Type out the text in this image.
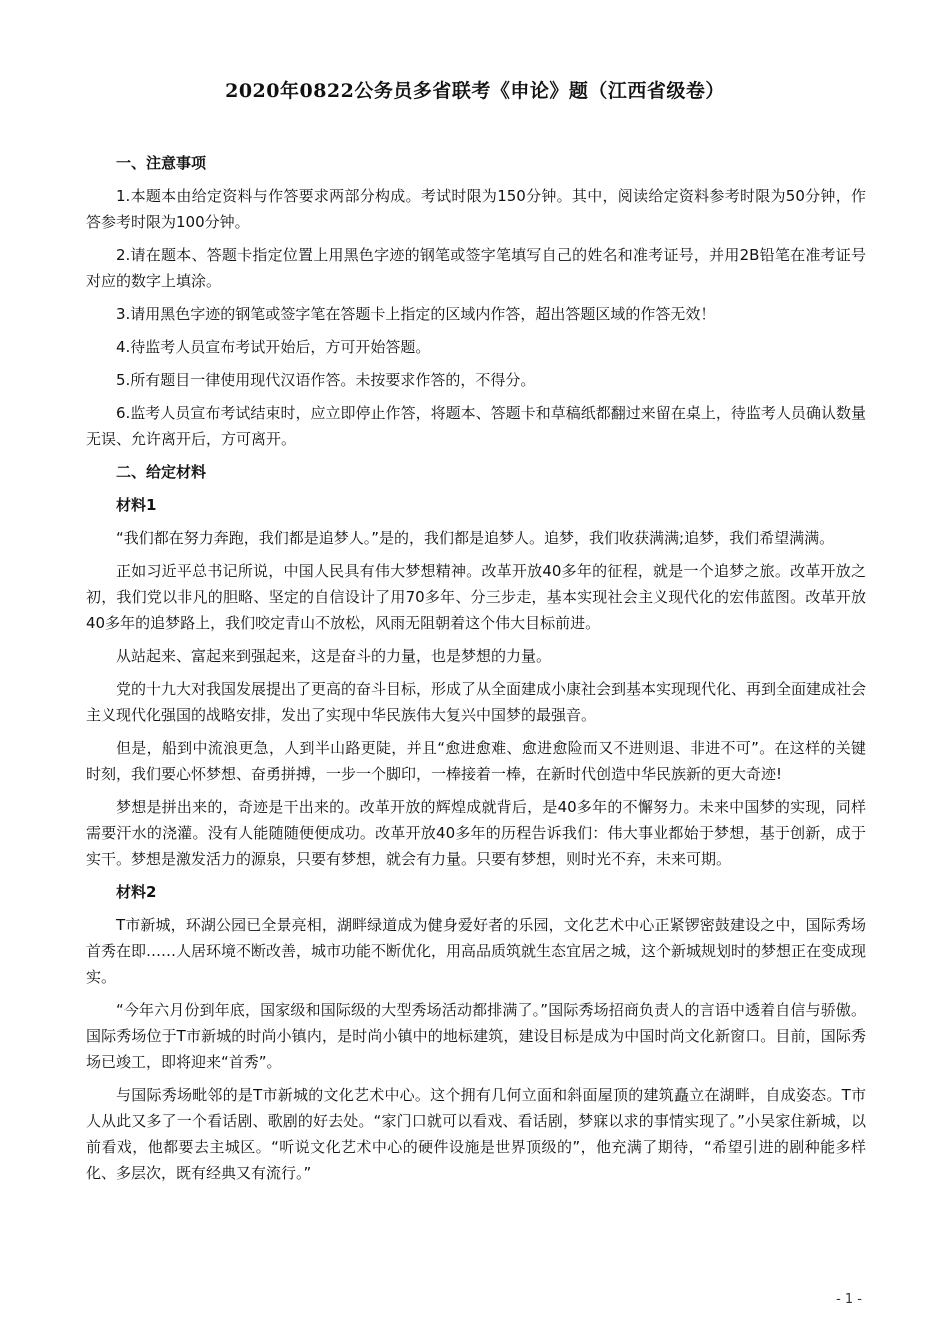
2020年0822公务员多省联考《申论》题（江西省级卷）

一、注意事项

1.本题本由给定资料与作答要求两部分构成。考试时限为150分钟。其中，阅读给定资料参考时限为50分钟，作答参考时限为100分钟。

2.请在题本、答题卡指定位置上用黑色字迹的钢笔或签字笔填写自己的姓名和准考证号，并用2B铅笔在准考证号对应的数字上填涂。

3.请用黑色字迹的钢笔或签字笔在答题卡上指定的区域内作答，超出答题区域的作答无效！

4.待监考人员宣布考试开始后，方可开始答题。

5.所有题目一律使用现代汉语作答。未按要求作答的，不得分。

6.监考人员宣布考试结束时，应立即停止作答，将题本、答题卡和草稿纸都翻过来留在桌上，待监考人员确认数量无误、允许离开后，方可离开。

二、给定材料

材料1

“我们都在努力奔跑，我们都是追梦人。”是的，我们都是追梦人。追梦，我们收获满满;追梦，我们希望满满。

正如习近平总书记所说，中国人民具有伟大梦想精神。改革开放40多年的征程，就是一个追梦之旅。改革开放之初，我们党以非凡的胆略、坚定的自信设计了用70多年、分三步走，基本实现社会主义现代化的宏伟蓝图。改革开放40多年的追梦路上，我们咬定青山不放松，风雨无阻朝着这个伟大目标前进。

从站起来、富起来到强起来，这是奋斗的力量，也是梦想的力量。

党的十九大对我国发展提出了更高的奋斗目标，形成了从全面建成小康社会到基本实现现代化、再到全面建成社会主义现代化强国的战略安排，发出了实现中华民族伟大复兴中国梦的最强音。

但是，船到中流浪更急，人到半山路更陡，并且“愈进愈难、愈进愈险而又不进则退、非进不可”。在这样的关键时刻，我们要心怀梦想、奋勇拼搏，一步一个脚印，一棒接着一棒，在新时代创造中华民族新的更大奇迹!

梦想是拼出来的，奇迹是干出来的。改革开放的辉煌成就背后，是40多年的不懈努力。未来中国梦的实现，同样需要汗水的浇灌。没有人能随随便便成功。改革开放40多年的历程告诉我们：伟大事业都始于梦想，基于创新，成于实干。梦想是激发活力的源泉，只要有梦想，就会有力量。只要有梦想，则时光不弃，未来可期。

材料2

T市新城，环湖公园已全景亮相，湖畔绿道成为健身爱好者的乐园，文化艺术中心正紧锣密鼓建设之中，国际秀场首秀在即……人居环境不断改善，城市功能不断优化，用高品质筑就生态宜居之城，这个新城规划时的梦想正在变成现实。

“今年六月份到年底，国家级和国际级的大型秀场活动都排满了。”国际秀场招商负责人的言语中透着自信与骄傲。国际秀场位于T市新城的时尚小镇内，是时尚小镇中的地标建筑，建设目标是成为中国时尚文化新窗口。目前，国际秀场已竣工，即将迎来“首秀”。

与国际秀场毗邻的是T市新城的文化艺术中心。这个拥有几何立面和斜面屋顶的建筑矗立在湖畔，自成姿态。T市人从此又多了一个看话剧、歌剧的好去处。“家门口就可以看戏、看话剧，梦寐以求的事情实现了。”小吴家住新城，以前看戏，他都要去主城区。“听说文化艺术中心的硬件设施是世界顶级的”，他充满了期待，“希望引进的剧种能多样化、多层次，既有经典又有流行。”

- 1 -
